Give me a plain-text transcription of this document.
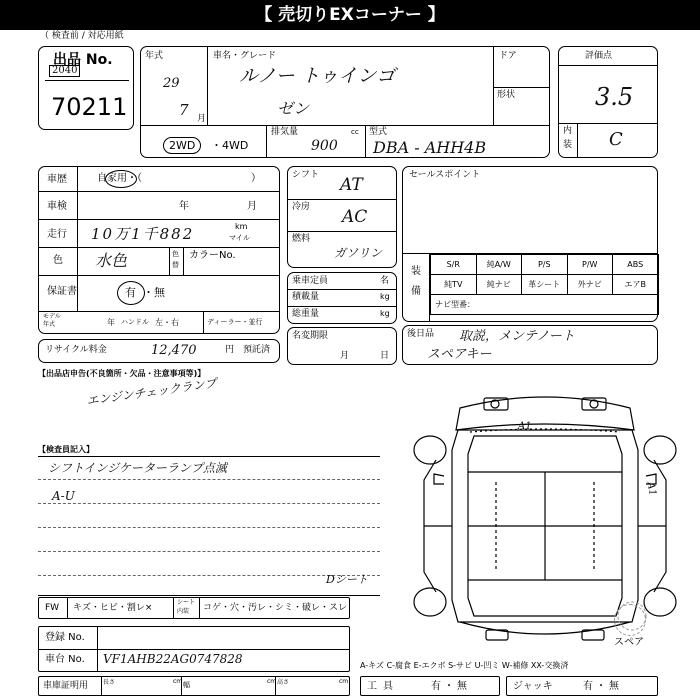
【 売切りEXコーナー 】
（ 検査前 / 対応用紙
出品 No.
2040
70211
年式
29
7 月
車名・グレード
ルノー トゥインゴ
ゼン
ドア
形状
2WD	・4WD
排気量
900
cc 型式
DBA - AHH4B
評価点
3.5
内
装 C
車歴	自家用・（	）
車検	年	月
走行 10万1千882	km
マイル
色 水色	色
替
カラーNo.
保証書	有 ・無
モデル
年式	年 ハンドル 左・右	ディーラー・並行
シフト AT
冷房 AC
燃料
ガソリン
セールスポイント
装
備
S/R	純A/W	P/S	P/W	ABS
純TV	純ナビ	革シート	外ナビ	エアB
ナビ型番：
乗車定員	名
積載量	kg
総重量	kg
名変期限
月	日
後日品 取説，メンテノート
スペアキー
リサイクル料金	12,470	円 預託済
【出品店申告(不良箇所・欠品・注意事項等)】
エンジンチェックランプ
【検査員記入】
シフトインジケーターランプ点滅
A-U
Dシート
FW キズ・ヒビ・割レ×
シート
内装 コゲ・穴・汚レ・シミ・破レ・スレ
登録 No.
車台 No. VF1AHB22AG0747828
車庫証明用 長さ	cm 幅	cm 高さ	cm
A-キズ C-腐食 E-エクボ S-サビ U-凹ミ W-補修 XX-交換済
工具	有・無	ジャッキ	有・無
A1
A1
スペア
